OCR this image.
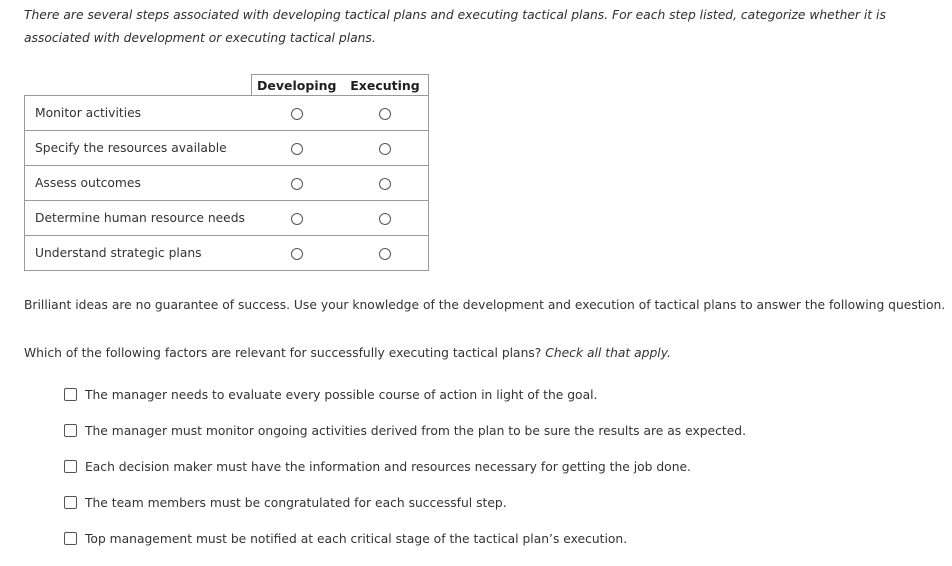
There are several steps associated with developing tactical plans and executing tactical plans. For each step listed, categorize whether it is associated with development or executing tactical plans.

	Developing	Executing
Monitor activities		
Specify the resources available		
Assess outcomes		
Determine human resource needs		
Understand strategic plans		

Brilliant ideas are no guarantee of success. Use your knowledge of the development and execution of tactical plans to answer the following question.

Which of the following factors are relevant for successfully executing tactical plans? Check all that apply.

The manager needs to evaluate every possible course of action in light of the goal.
The manager must monitor ongoing activities derived from the plan to be sure the results are as expected.
Each decision maker must have the information and resources necessary for getting the job done.
The team members must be congratulated for each successful step.
Top management must be notified at each critical stage of the tactical plan’s execution.
